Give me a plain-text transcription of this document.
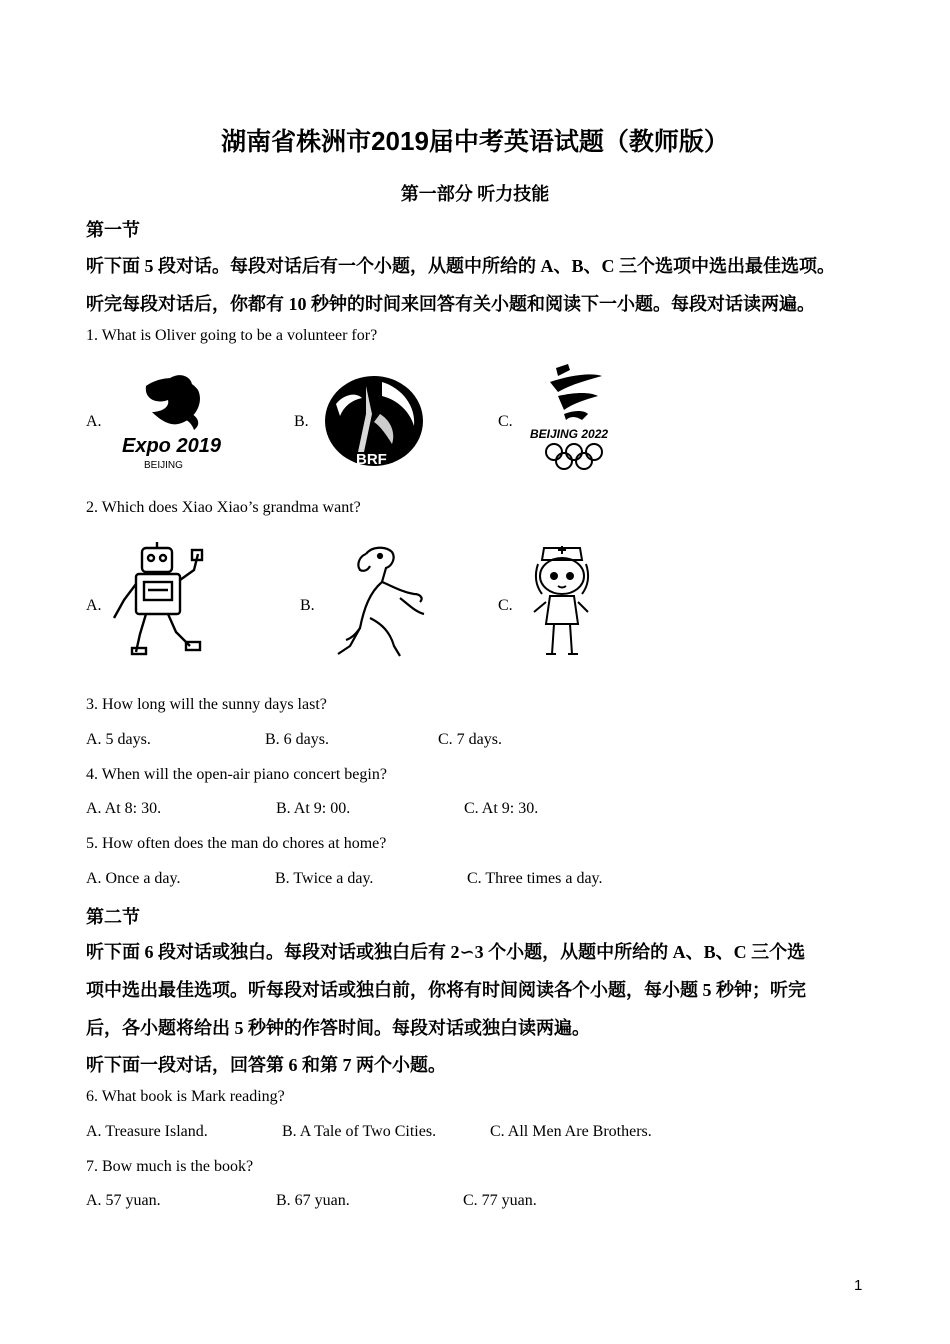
湖南省株洲市2019届中考英语试题（教师版）
第一部分 听力技能
第一节
听下面 5 段对话。每段对话后有一个小题，从题中所给的 A、B、C 三个选项中选出最佳选项。
听完每段对话后，你都有 10 秒钟的时间来回答有关小题和阅读下一小题。每段对话读两遍。
1. What is Oliver going to be a volunteer for?
A.
Expo 2019
BEIJING
B.
BRF
C.
BEIJING 2022
2. Which does Xiao Xiao’s grandma want?
A.	B.	C.
3. How long will the sunny days last?
A. 5 days.	B. 6 days.	C. 7 days.
4. When will the open-air piano concert begin?
A. At 8: 30.	B. At 9: 00.	C. At 9: 30.
5. How often does the man do chores at home?
A. Once a day.	B. Twice a day.	C. Three times a day.
第二节
听下面 6 段对话或独白。每段对话或独白后有 2∽3 个小题，从题中所给的 A、B、C 三个选
项中选出最佳选项。听每段对话或独白前，你将有时间阅读各个小题，每小题 5 秒钟；听完
后，各小题将给出 5 秒钟的作答时间。每段对话或独白读两遍。
听下面一段对话，回答第 6 和第 7 两个小题。
6. What book is Mark reading?
A. Treasure Island.	B. A Tale of Two Cities.	C. All Men Are Brothers.
7. Bow much is the book?
A. 57 yuan.	B. 67 yuan.	C. 77 yuan.
1
